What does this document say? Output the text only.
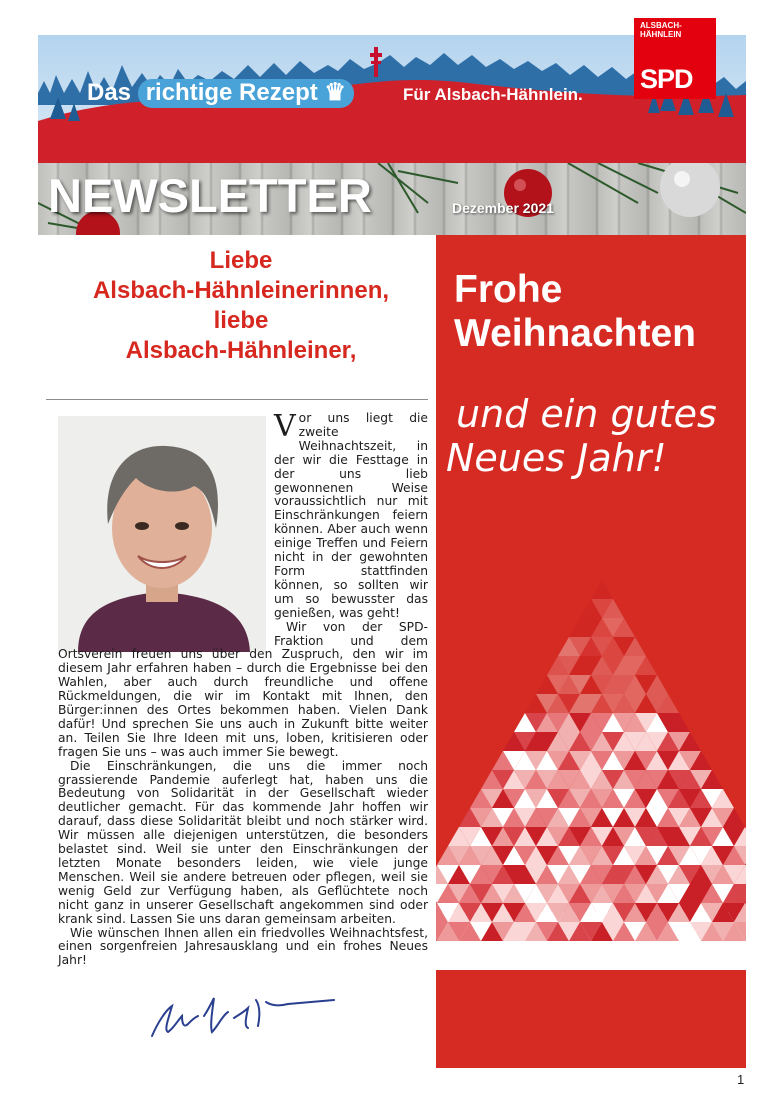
Das richtige Rezept ♛	Für Alsbach-Hähnlein.
ALSBACH-
HÄHNLEIN
SPD
NEWSLETTER	Dezember 2021
Liebe
Alsbach-Hähnleinerinnen,
liebe
Alsbach-Hähnleiner,

Vor uns liegt die zweite Weihnachtszeit, in der wir die Festtage in der uns lieb gewonnenen Weise voraussichtlich nur mit Einschränkungen feiern können. Aber auch wenn einige Treffen und Feiern nicht in der gewohnten Form stattfinden können, so sollten wir um so bewusster das genießen, was geht!

Wir von der SPD-Fraktion und dem Ortsverein freuen uns über den Zuspruch, den wir im diesem Jahr erfahren haben – durch die Ergebnisse bei den Wahlen, aber auch durch freundliche und offene Rückmeldungen, die wir im Kontakt mit Ihnen, den Bürger:innen des Ortes bekommen haben. Vielen Dank dafür! Und sprechen Sie uns auch in Zukunft bitte weiter an. Teilen Sie Ihre Ideen mit uns, loben, kritisieren oder fragen Sie uns – was auch immer Sie bewegt.

Die Einschränkungen, die uns die immer noch grassierende Pandemie auferlegt hat, haben uns die Bedeutung von Solidarität in der Gesellschaft wieder deutlicher gemacht. Für das kommende Jahr hoffen wir darauf, dass diese Solidarität bleibt und noch stärker wird. Wir müssen alle diejenigen unterstützen, die besonders belastet sind. Weil sie unter den Einschränkungen der letzten Monate besonders leiden, wie viele junge Menschen. Weil sie andere betreuen oder pflegen, weil sie wenig Geld zur Verfügung haben, als Geflüchtete noch nicht ganz in unserer Gesellschaft angekommen sind oder krank sind. Lassen Sie uns daran gemeinsam arbeiten.

Wie wünschen Ihnen allen ein friedvolles Weihnachtsfest, einen sorgenfreien Jahresausklang und ein frohes Neues Jahr!

Frohe
Weihnachten
und ein gutes
Neues Jahr!
1
